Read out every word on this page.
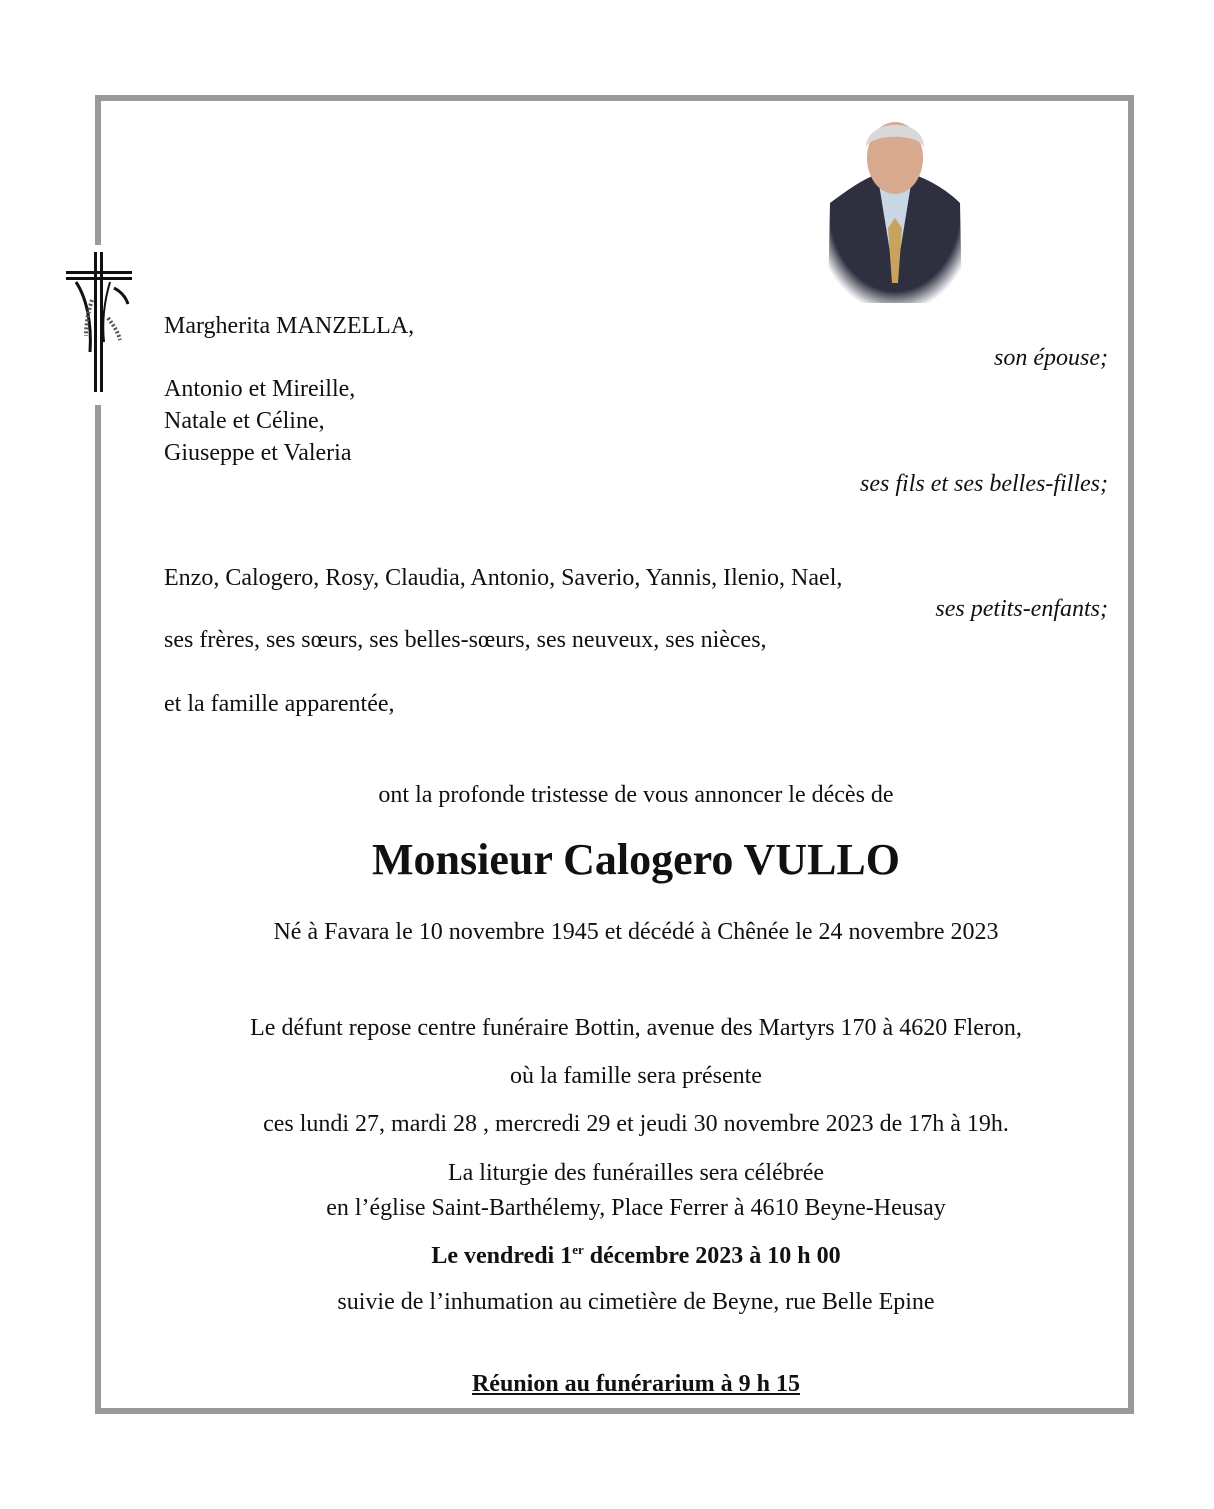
Margherita MANZELLA,
son épouse;
Antonio et Mireille,
Natale et Céline,
Giuseppe et Valeria
ses fils et ses belles-filles;
Enzo, Calogero, Rosy, Claudia, Antonio, Saverio, Yannis, Ilenio, Nael,
ses petits-enfants;
ses frères, ses sœurs, ses belles-sœurs, ses neuveux, ses nièces,
et la famille apparentée,
ont la profonde tristesse de vous annoncer le décès de
Monsieur Calogero VULLO
Né à Favara le 10 novembre 1945 et décédé à Chênée le 24 novembre 2023
Le défunt repose centre funéraire Bottin, avenue des Martyrs 170 à 4620 Fleron,
où la famille sera présente
ces lundi 27, mardi 28 , mercredi 29 et jeudi 30 novembre 2023 de 17h à 19h.
La liturgie des funérailles sera célébrée
en l’église Saint-Barthélemy, Place Ferrer à 4610 Beyne-Heusay
Le vendredi 1er décembre 2023 à 10 h 00
suivie de l’inhumation au cimetière de Beyne, rue Belle Epine
Réunion au funérarium à 9 h 15
